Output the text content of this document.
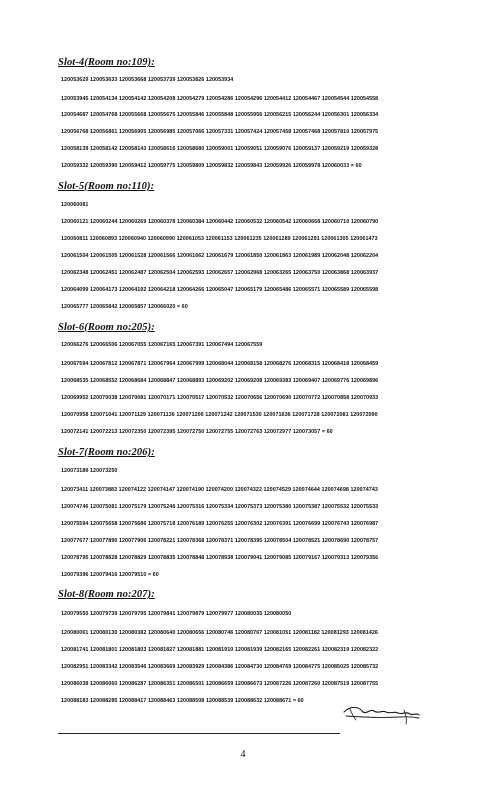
Slot-4(Room no:109):
120053629 120053633 120053668 120053739 120053826 120053934
120053945 120054134 120054142 120054208 120054279 120054286 120054296 120054412 120054467 120054544 120054558
120054687 120054768 120055668 120055675 120055846 120055848 120055956 120056215 120056244 120056301 120056334
120056768 120056861 120056905 120056985 120057066 120057331 120057424 120057458 120057468 120057810 120057975
120058139 120058142 120058143 120058616 120058680 120059001 120059051 120059076 120059137 120059219 120059328
120059332 120059390 120059412 120059775 120059809 120059832 120059843 120059926 120059978 120060033 = 60
Slot-5(Room no:110):
120060081
120060121 120060244 120060269 120060378 120060384 120060442 120060532 120060542 120060668 120060710 120060790
120060811 120060893 120060940 120060990 120061053 120061153 120061235 120061289 120061291 120061305 120061473
120061504 120061505 120061528 120061566 120061662 120061679 120061850 120061863 120061989 120062048 120062204
120062348 120062451 120062487 120062504 120062593 120062657 120062968 120063265 120063750 120063868 120063937
120064099 120064173 120064192 120064218 120064266 120065047 120065179 120065486 120065571 120065589 120065598
120065777 120065842 120065857 120066020 = 60
Slot-6(Room no:205):
120066276 120066506 120067055 120067165 120067391 120067494 120067559
120067594 120067812 120067871 120067964 120067999 120068044 120068158 120068276 120068315 120068418 120068459
120068535 120068552 120068684 120068847 120068893 120069202 120069208 120069383 120069407 120069776 120069896
120069952 120070038 120070081 120070171 120070517 120070532 120070656 120070690 120070772 120070858 120070933
120070958 120071041 120071129 120071136 120071206 120071242 120071530 120071636 120071728 120072081 120072090
120072141 120072213 120072350 120072395 120072750 120072755 120072763 120072977 120073057 = 60
Slot-7(Room no:206):
120073189 120073250
120073411 120073883 120074122 120074147 120074190 120074200 120074322 120074529 120074644 120074698 120074743
120074746 120075081 120075179 120075246 120075316 120075334 120075373 120075380 120075387 120075532 120075533
120075594 120075658 120075686 120075718 120076189 120076255 120076302 120076391 120076699 120076743 120076987
120077677 120077890 120077906 120078221 120078368 120078371 120078395 120078504 120078521 120078690 120078757
120078795 120078828 120078829 120078835 120078848 120078938 120079041 120079085 120079167 120079313 120079356
120079396 120079416 120079510 = 60
Slot-8(Room no:207):
120079550 120079739 120079795 120079841 120079879 120079977 120080035 120080050
120080061 120080130 120080382 120080640 120080656 120080746 120080767 120081051 120081182 120081293 120081426
120081741 120081801 120081803 120081827 120081881 120081910 120081939 120082165 120082261 120082319 120082322
120082951 120083342 120083546 120083669 120083929 120084386 120084730 120084769 120084775 120085025 120085732
120086038 120086060 120086287 120086351 120086501 120086659 120086673 120087226 120087260 120087519 120087755
120088183 120088285 120088417 120088463 120088508 120088539 120088632 120088671 = 60
4
